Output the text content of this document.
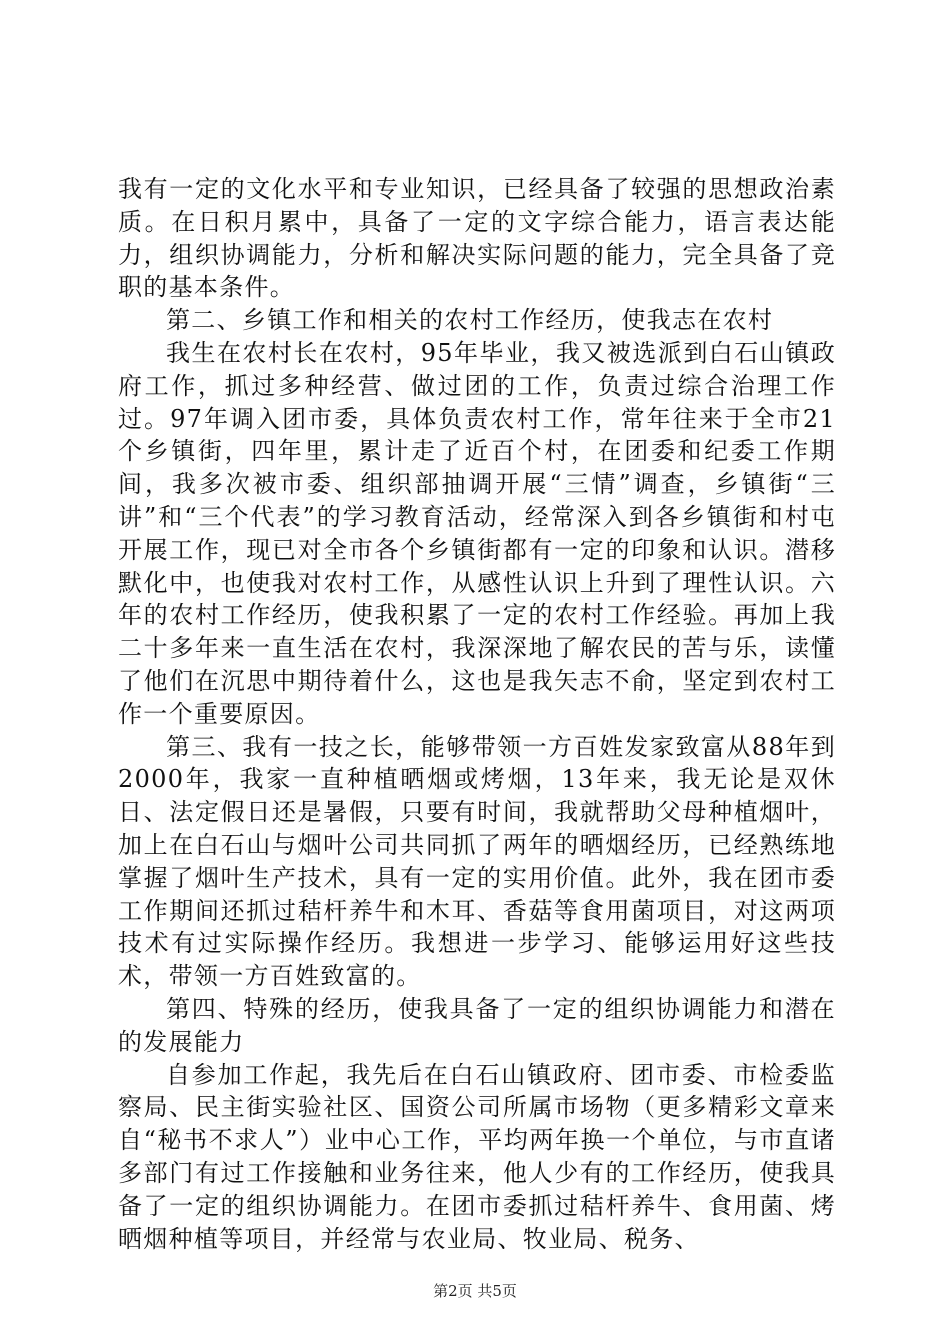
我有一定的文化水平和专业知识，已经具备了较强的思想政治素质。在日积月累中，具备了一定的文字综合能力，语言表达能力，组织协调能力，分析和解决实际问题的能力，完全具备了竞职的基本条件。

第二、乡镇工作和相关的农村工作经历，使我志在农村

我生在农村长在农村，95年毕业，我又被选派到白石山镇政府工作，抓过多种经营、做过团的工作，负责过综合治理工作过。97年调入团市委，具体负责农村工作，常年往来于全市21个乡镇街，四年里，累计走了近百个村，在团委和纪委工作期间，我多次被市委、组织部抽调开展“三情”调查，乡镇街“三讲”和“三个代表”的学习教育活动，经常深入到各乡镇街和村屯开展工作，现已对全市各个乡镇街都有一定的印象和认识。潜移默化中，也使我对农村工作，从感性认识上升到了理性认识。六年的农村工作经历，使我积累了一定的农村工作经验。再加上我二十多年来一直生活在农村，我深深地了解农民的苦与乐，读懂了他们在沉思中期待着什么，这也是我矢志不俞，坚定到农村工作一个重要原因。

第三、我有一技之长，能够带领一方百姓发家致富从88年到2000年，我家一直种植晒烟或烤烟，13年来，我无论是双休日、法定假日还是暑假，只要有时间，我就帮助父母种植烟叶，加上在白石山与烟叶公司共同抓了两年的晒烟经历，已经熟练地掌握了烟叶生产技术，具有一定的实用价值。此外，我在团市委工作期间还抓过秸杆养牛和木耳、香菇等食用菌项目，对这两项技术有过实际操作经历。我想进一步学习、能够运用好这些技术，带领一方百姓致富的。

第四、特殊的经历，使我具备了一定的组织协调能力和潜在的发展能力

自参加工作起，我先后在白石山镇政府、团市委、市检委监察局、民主街实验社区、国资公司所属市场物（更多精彩文章来自“秘书不求人”）业中心工作，平均两年换一个单位，与市直诸多部门有过工作接触和业务往来，他人少有的工作经历，使我具备了一定的组织协调能力。在团市委抓过秸杆养牛、食用菌、烤晒烟种植等项目，并经常与农业局、牧业局、税务、

第2页 共5页
